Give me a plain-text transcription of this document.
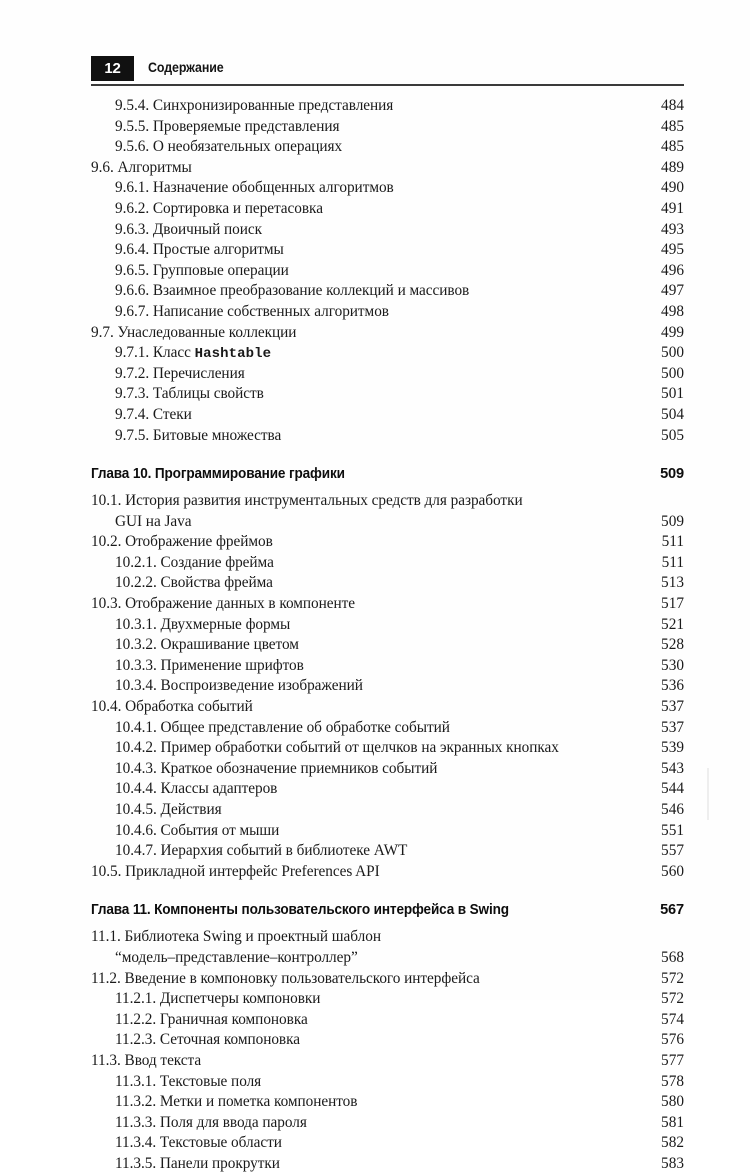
12	Содержание
9.5.4. Синхронизированные представления	484
9.5.5. Проверяемые представления	485
9.5.6. О необязательных операциях	485
9.6. Алгоритмы	489
9.6.1. Назначение обобщенных алгоритмов	490
9.6.2. Сортировка и перетасовка	491
9.6.3. Двоичный поиск	493
9.6.4. Простые алгоритмы	495
9.6.5. Групповые операции	496
9.6.6. Взаимное преобразование коллекций и массивов	497
9.6.7. Написание собственных алгоритмов	498
9.7. Унаследованные коллекции	499
9.7.1. Класс Hashtable	500
9.7.2. Перечисления	500
9.7.3. Таблицы свойств	501
9.7.4. Стеки	504
9.7.5. Битовые множества	505
Глава 10. Программирование графики	509
10.1. История развития инструментальных средств для разработки
GUI на Java	509
10.2. Отображение фреймов	511
10.2.1. Создание фрейма	511
10.2.2. Свойства фрейма	513
10.3. Отображение данных в компоненте	517
10.3.1. Двухмерные формы	521
10.3.2. Окрашивание цветом	528
10.3.3. Применение шрифтов	530
10.3.4. Воспроизведение изображений	536
10.4. Обработка событий	537
10.4.1. Общее представление об обработке событий	537
10.4.2. Пример обработки событий от щелчков на экранных кнопках	539
10.4.3. Краткое обозначение приемников событий	543
10.4.4. Классы адаптеров	544
10.4.5. Действия	546
10.4.6. События от мыши	551
10.4.7. Иерархия событий в библиотеке AWT	557
10.5. Прикладной интерфейс Preferences API	560
Глава 11. Компоненты пользовательского интерфейса в Swing	567
11.1. Библиотека Swing и проектный шаблон
“модель–представление–контроллер”	568
11.2. Введение в компоновку пользовательского интерфейса	572
11.2.1. Диспетчеры компоновки	572
11.2.2. Граничная компоновка	574
11.2.3. Сеточная компоновка	576
11.3. Ввод текста	577
11.3.1. Текстовые поля	578
11.3.2. Метки и пометка компонентов	580
11.3.3. Поля для ввода пароля	581
11.3.4. Текстовые области	582
11.3.5. Панели прокрутки	583
